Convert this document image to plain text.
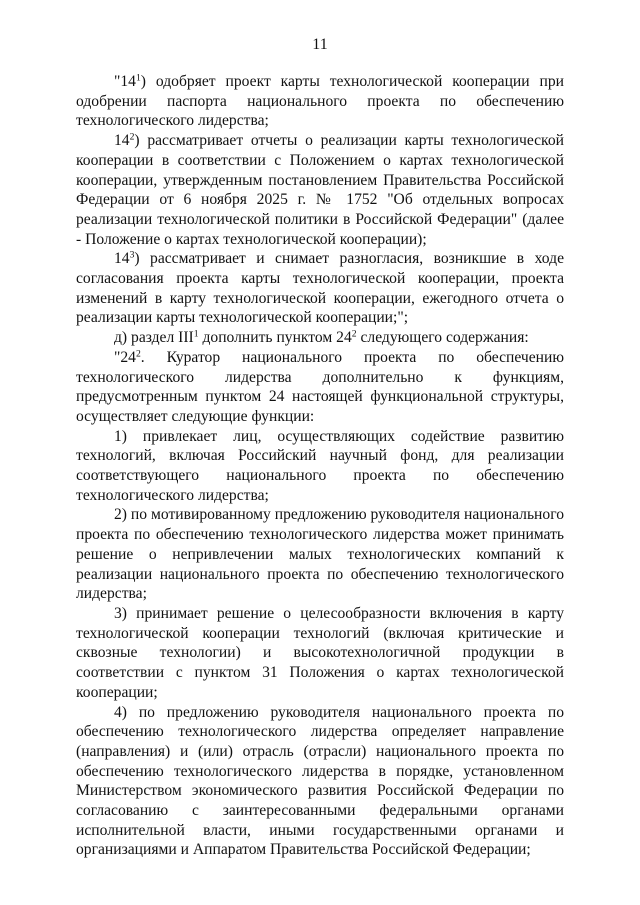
11

"$14^1$) одобряет проект карты технологической кооперации при одобрении паспорта национального проекта по обеспечению технологического лидерства;

$14^2$) рассматривает отчеты о реализации карты технологической кооперации в соответствии с Положением о картах технологической кооперации, утвержденным постановлением Правительства Российской Федерации от 6 ноября 2025 г. № 1752 "Об отдельных вопросах реализации технологической политики в Российской Федерации" (далее - Положение о картах технологической кооперации);

$14^3$) рассматривает и снимает разногласия, возникшие в ходе согласования проекта карты технологической кооперации, проекта изменений в карту технологической кооперации, ежегодного отчета о реализации карты технологической кооперации;";

д) раздел III$^1$ дополнить пунктом $24^2$ следующего содержания:

"$24^2$. Куратор национального проекта по обеспечению технологического лидерства дополнительно к функциям, предусмотренным пунктом 24 настоящей функциональной структуры, осуществляет следующие функции:

1) привлекает лиц, осуществляющих содействие развитию технологий, включая Российский научный фонд, для реализации соответствующего национального проекта по обеспечению технологического лидерства;

2) по мотивированному предложению руководителя национального проекта по обеспечению технологического лидерства может принимать решение о непривлечении малых технологических компаний к реализации национального проекта по обеспечению технологического лидерства;

3) принимает решение о целесообразности включения в карту технологической кооперации технологий (включая критические и сквозные технологии) и высокотехнологичной продукции в соответствии с пунктом 31 Положения о картах технологической кооперации;

4) по предложению руководителя национального проекта по обеспечению технологического лидерства определяет направление (направления) и (или) отрасль (отрасли) национального проекта по обеспечению технологического лидерства в порядке, установленном Министерством экономического развития Российской Федерации по согласованию с заинтересованными федеральными органами исполнительной власти, иными государственными органами и организациями и Аппаратом Правительства Российской Федерации;
